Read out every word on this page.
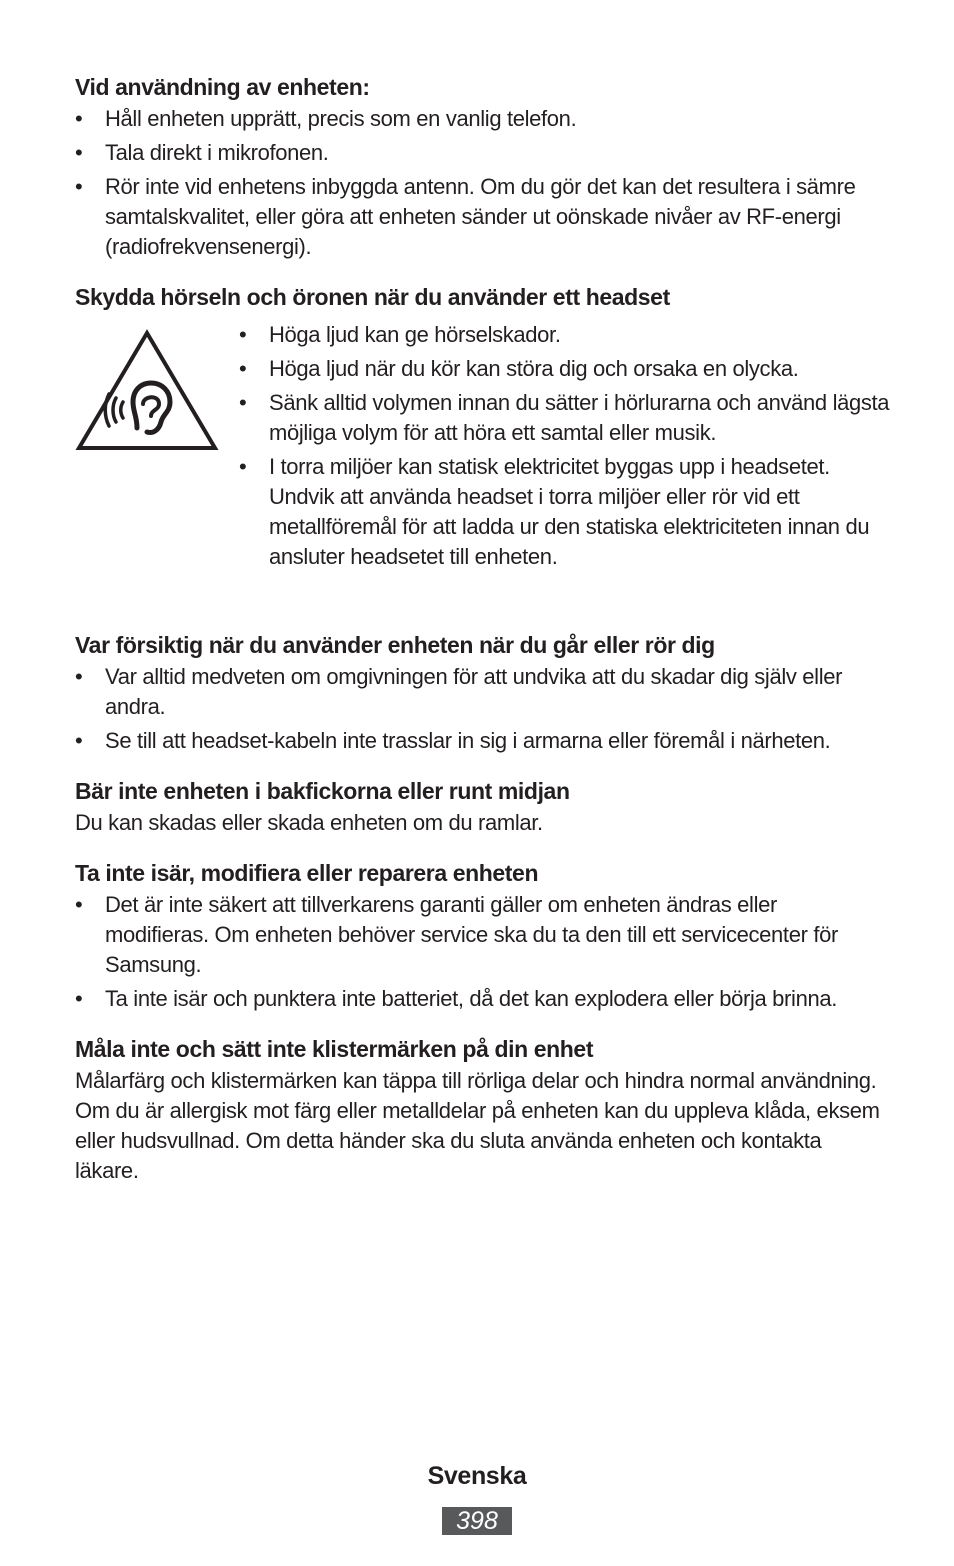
Vid användning av enheten:
•	Håll enheten upprätt, precis som en vanlig telefon.
•	Tala direkt i mikrofonen.
•	Rör inte vid enhetens inbyggda antenn. Om du gör det kan det resultera i sämre samtalskvalitet, eller göra att enheten sänder ut oönskade nivåer av RF-energi (radiofrekvensenergi).
Skydda hörseln och öronen när du använder ett headset
•	Höga ljud kan ge hörselskador.
•	Höga ljud när du kör kan störa dig och orsaka en olycka.
•	Sänk alltid volymen innan du sätter i hörlurarna och använd lägsta möjliga volym för att höra ett samtal eller musik.
•	I torra miljöer kan statisk elektricitet byggas upp i headsetet. Undvik att använda headset i torra miljöer eller rör vid ett metallföremål för att ladda ur den statiska elektriciteten innan du ansluter headsetet till enheten.
Var försiktig när du använder enheten när du går eller rör dig
•	Var alltid medveten om omgivningen för att undvika att du skadar dig själv eller andra.
•	Se till att headset-kabeln inte trasslar in sig i armarna eller föremål i närheten.
Bär inte enheten i bakfickorna eller runt midjan

Du kan skadas eller skada enheten om du ramlar.

Ta inte isär, modifiera eller reparera enheten
•	Det är inte säkert att tillverkarens garanti gäller om enheten ändras eller modifieras. Om enheten behöver service ska du ta den till ett servicecenter för Samsung.
•	Ta inte isär och punktera inte batteriet, då det kan explodera eller börja brinna.
Måla inte och sätt inte klistermärken på din enhet

Målarfärg och klistermärken kan täppa till rörliga delar och hindra normal användning. Om du är allergisk mot färg eller metalldelar på enheten kan du uppleva klåda, eksem eller hudsvullnad. Om detta händer ska du sluta använda enheten och kontakta läkare.

Svenska
398
